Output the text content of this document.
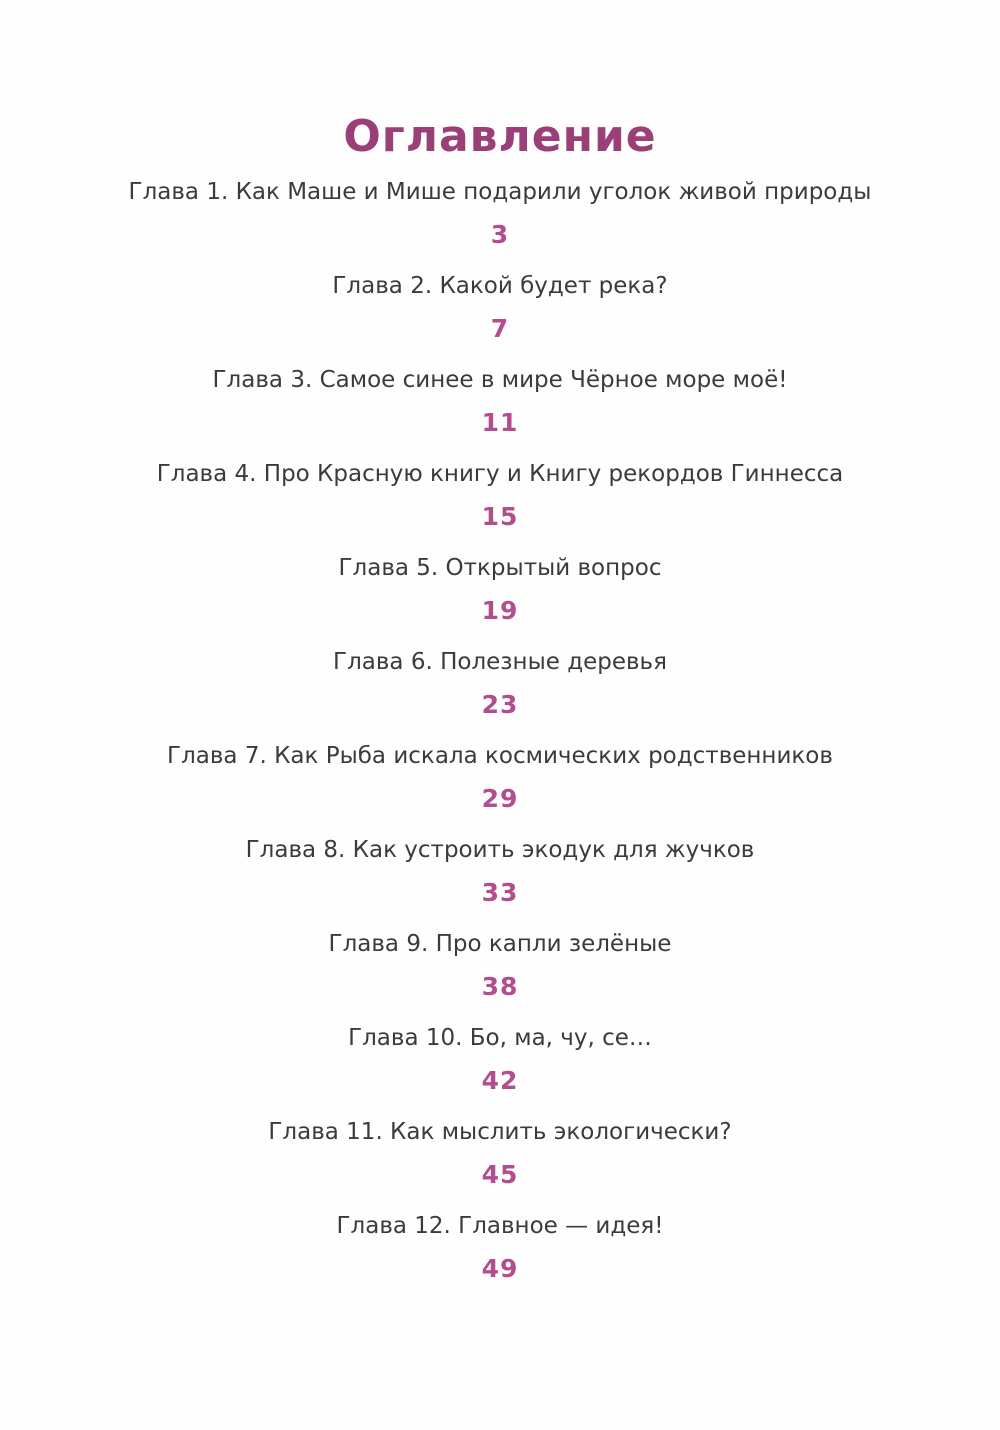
Оглавление
Глава 1. Как Маше и Мише подарили уголок живой природы
3
Глава 2. Какой будет река?
7
Глава 3. Самое синее в мире Чёрное море моё!
11
Глава 4. Про Красную книгу и Книгу рекордов Гиннесса
15
Глава 5. Открытый вопрос
19
Глава 6. Полезные деревья
23
Глава 7. Как Рыба искала космических родственников
29
Глава 8. Как устроить экодук для жучков
33
Глава 9. Про капли зелёные
38
Глава 10. Бо, ма, чу, се…
42
Глава 11. Как мыслить экологически?
45
Глава 12. Главное — идея!
49
